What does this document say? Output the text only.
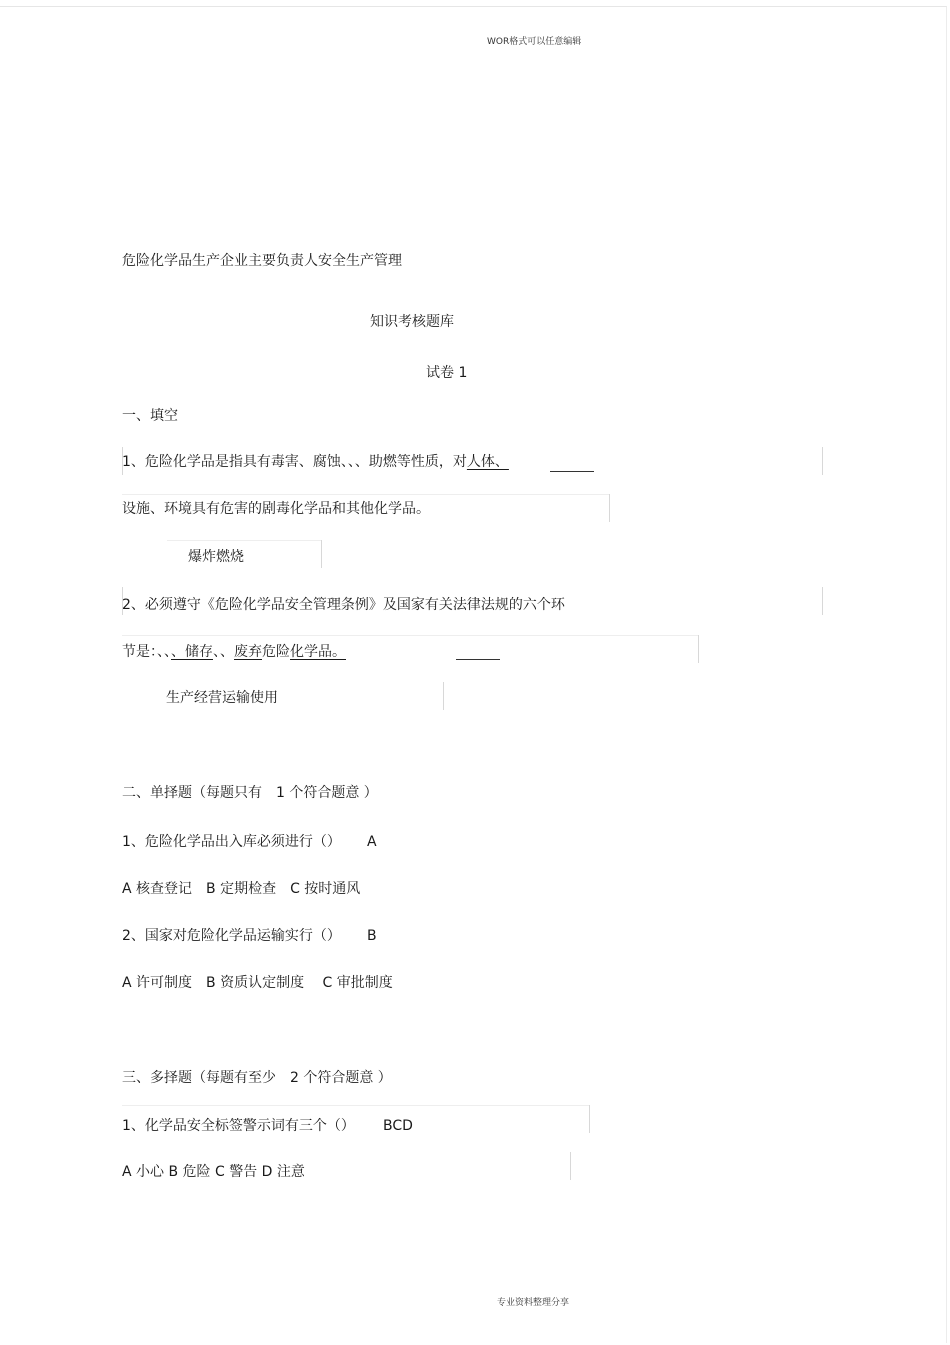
WOR格式可以任意编辑
危险化学品生产企业主要负责人安全生产管理
知识考核题库
试卷 1
一、填空
1、危险化学品是指具有毒害、腐蚀、、、助燃等性质，对人体、
设施、环境具有危害的剧毒化学品和其他化学品。
爆炸燃烧
2、必须遵守《危险化学品安全管理条例》及国家有关法律法规的六个环
节是：、、、储存、、废弃危险化学品。
生产经营运输使用
二、单择题（每题只有　1 个符合题意 ）
1、危险化学品出入库必须进行（） A
A 核查登记　B 定期检查　C 按时通风
2、国家对危险化学品运输实行（） B
A 许可制度　B 资质认定制度　 C 审批制度
三、多择题（每题有至少　2 个符合题意 ）
1、化学品安全标签警示词有三个（） BCD
A 小心 B 危险 C 警告 D 注意
专业资料整理分享
